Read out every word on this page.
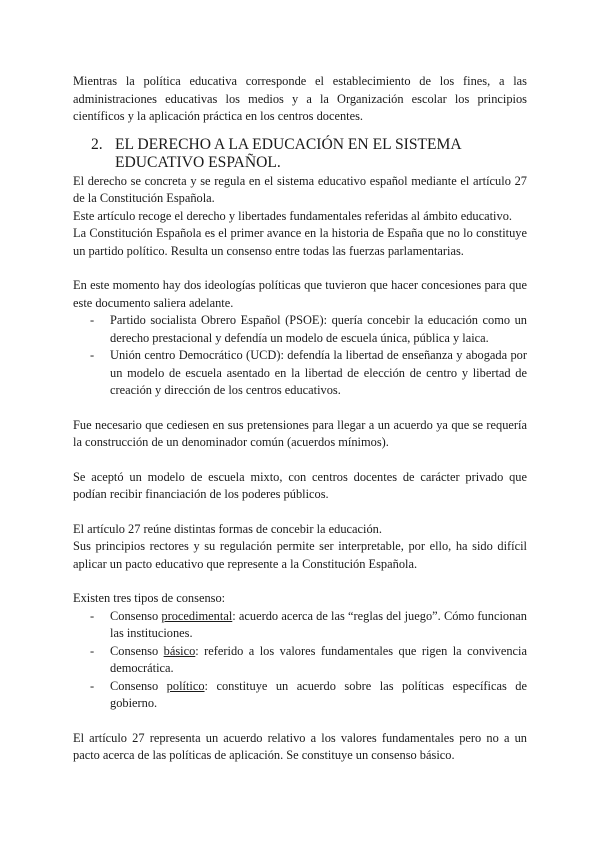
Mientras la política educativa corresponde el establecimiento de los fines, a las administraciones educativas los medios y a la Organización escolar los principios científicos y la aplicación práctica en los centros docentes.

2. EL DERECHO A LA EDUCACIÓN EN EL SISTEMA EDUCATIVO ESPAÑOL.

El derecho se concreta y se regula en el sistema educativo español mediante el artículo 27 de la Constitución Española.

Este artículo recoge el derecho y libertades fundamentales referidas al ámbito educativo.

La Constitución Española es el primer avance en la historia de España que no lo constituye un partido político. Resulta un consenso entre todas las fuerzas parlamentarias.

En este momento hay dos ideologías políticas que tuvieron que hacer concesiones para que este documento saliera adelante.

-	Partido socialista Obrero Español (PSOE): quería concebir la educación como un derecho prestacional y defendía un modelo de escuela única, pública y laica.
-	Unión centro Democrático (UCD): defendía la libertad de enseñanza y abogada por un modelo de escuela asentado en la libertad de elección de centro y libertad de creación y dirección de los centros educativos.

Fue necesario que cediesen en sus pretensiones para llegar a un acuerdo ya que se requería la construcción de un denominador común (acuerdos mínimos).

Se aceptó un modelo de escuela mixto, con centros docentes de carácter privado que podían recibir financiación de los poderes públicos.

El artículo 27 reúne distintas formas de concebir la educación.

Sus principios rectores y su regulación permite ser interpretable, por ello, ha sido difícil aplicar un pacto educativo que represente a la Constitución Española.

Existen tres tipos de consenso:

-	Consenso procedimental: acuerdo acerca de las “reglas del juego”. Cómo funcionan las instituciones.
-	Consenso básico: referido a los valores fundamentales que rigen la convivencia democrática.
-	Consenso político: constituye un acuerdo sobre las políticas específicas de gobierno.

El artículo 27 representa un acuerdo relativo a los valores fundamentales pero no a un pacto acerca de las políticas de aplicación. Se constituye un consenso básico.
